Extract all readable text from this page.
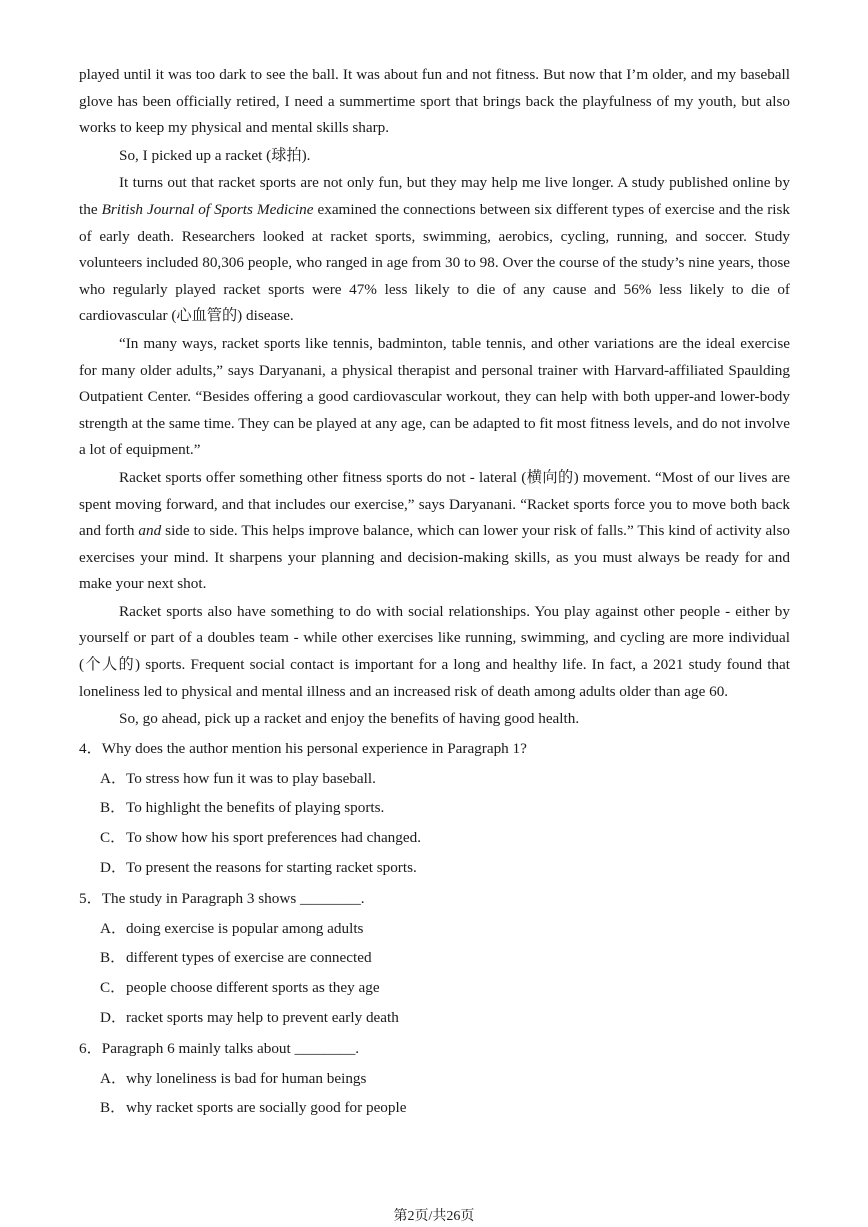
played until it was too dark to see the ball. It was about fun and not fitness. But now that I’m older, and my baseball glove has been officially retired, I need a summertime sport that brings back the playfulness of my youth, but also works to keep my physical and mental skills sharp.

So, I picked up a racket (球拍).

It turns out that racket sports are not only fun, but they may help me live longer. A study published online by the British Journal of Sports Medicine examined the connections between six different types of exercise and the risk of early death. Researchers looked at racket sports, swimming, aerobics, cycling, running, and soccer. Study volunteers included 80,306 people, who ranged in age from 30 to 98. Over the course of the study’s nine years, those who regularly played racket sports were 47% less likely to die of any cause and 56% less likely to die of cardiovascular (心血管的) disease.

“In many ways, racket sports like tennis, badminton, table tennis, and other variations are the ideal exercise for many older adults,” says Daryanani, a physical therapist and personal trainer with Harvard-affiliated Spaulding Outpatient Center. “Besides offering a good cardiovascular workout, they can help with both upper-and lower-body strength at the same time. They can be played at any age, can be adapted to fit most fitness levels, and do not involve a lot of equipment.”

Racket sports offer something other fitness sports do not - lateral (横向的) movement. “Most of our lives are spent moving forward, and that includes our exercise,” says Daryanani. “Racket sports force you to move both back and forth and side to side. This helps improve balance, which can lower your risk of falls.” This kind of activity also exercises your mind. It sharpens your planning and decision-making skills, as you must always be ready for and make your next shot.

Racket sports also have something to do with social relationships. You play against other people - either by yourself or part of a doubles team - while other exercises like running, swimming, and cycling are more individual (个人的) sports. Frequent social contact is important for a long and healthy life. In fact, a 2021 study found that loneliness led to physical and mental illness and an increased risk of death among adults older than age 60.

So, go ahead, pick up a racket and enjoy the benefits of having good health.

4．Why does the author mention his personal experience in Paragraph 1?

A．To stress how fun it was to play baseball.

B．To highlight the benefits of playing sports.

C．To show how his sport preferences had changed.

D．To present the reasons for starting racket sports.

5．The study in Paragraph 3 shows ________.

A．doing exercise is popular among adults

B．different types of exercise are connected

C．people choose different sports as they age

D．racket sports may help to prevent early death

6．Paragraph 6 mainly talks about ________.

A．why loneliness is bad for human beings

B．why racket sports are socially good for people

第2页/共26页
